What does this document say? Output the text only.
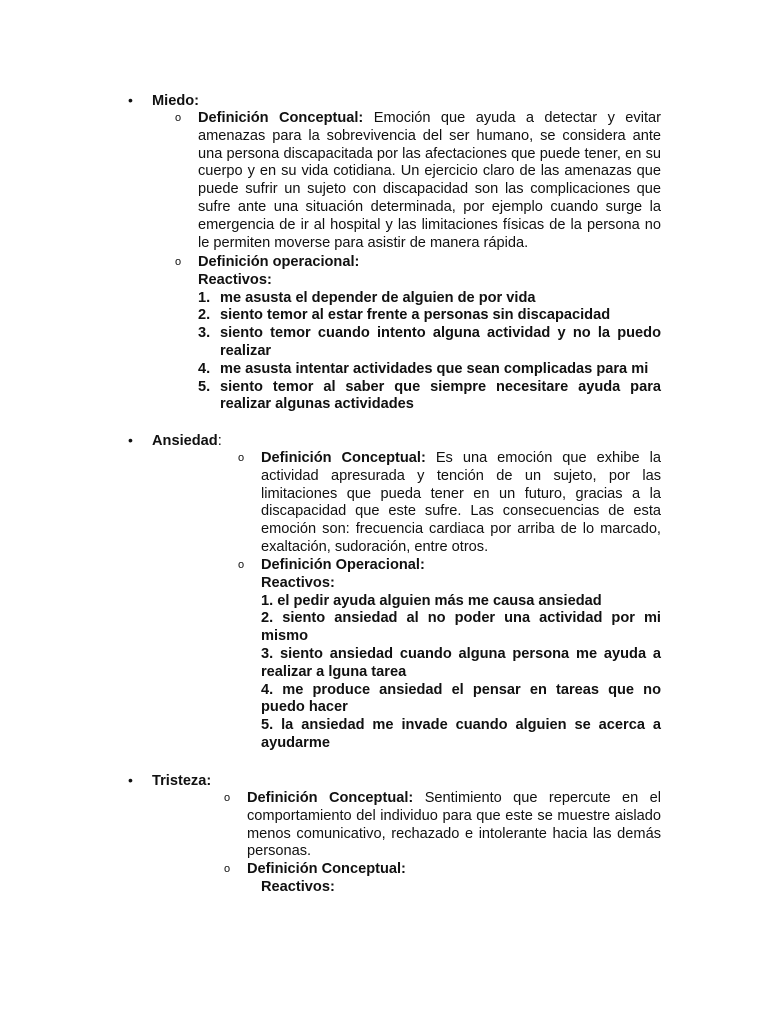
• Miedo:
o Definición Conceptual: Emoción que ayuda a detectar y evitar amenazas para la sobrevivencia del ser humano, se considera ante una persona discapacitada por las afectaciones que puede tener, en su cuerpo y en su vida cotidiana. Un ejercicio claro de las amenazas que puede sufrir un sujeto con discapacidad son las complicaciones que sufre ante una situación determinada, por ejemplo cuando surge la emergencia de ir al hospital y las limitaciones físicas de la persona no le permiten moverse para asistir de manera rápida.
o Definición operacional:
Reactivos:
1. me asusta el depender de alguien de por vida
2. siento temor al estar frente a personas sin discapacidad
3. siento temor cuando intento alguna actividad y no la puedo realizar
4. me asusta intentar actividades que sean complicadas para mi
5. siento temor al saber que siempre necesitare ayuda para realizar algunas actividades
• Ansiedad:
o Definición Conceptual: Es una emoción que exhibe la actividad apresurada y tención de un sujeto, por las limitaciones que pueda tener en un futuro, gracias a la discapacidad que este sufre. Las consecuencias de esta emoción son: frecuencia cardiaca por arriba de lo marcado, exaltación, sudoración, entre otros.
o Definición Operacional:
Reactivos:
1. el pedir ayuda alguien más me causa ansiedad
2. siento ansiedad al no poder una actividad por mi mismo
3. siento ansiedad cuando alguna persona me ayuda a realizar a lguna tarea
4. me produce ansiedad el pensar en tareas que no puedo hacer
5. la ansiedad me invade cuando alguien se acerca a ayudarme
• Tristeza:
o Definición Conceptual: Sentimiento que repercute en el comportamiento del individuo para que este se muestre aislado menos comunicativo, rechazado e intolerante hacia las demás personas.
o Definición Conceptual:
Reactivos:
